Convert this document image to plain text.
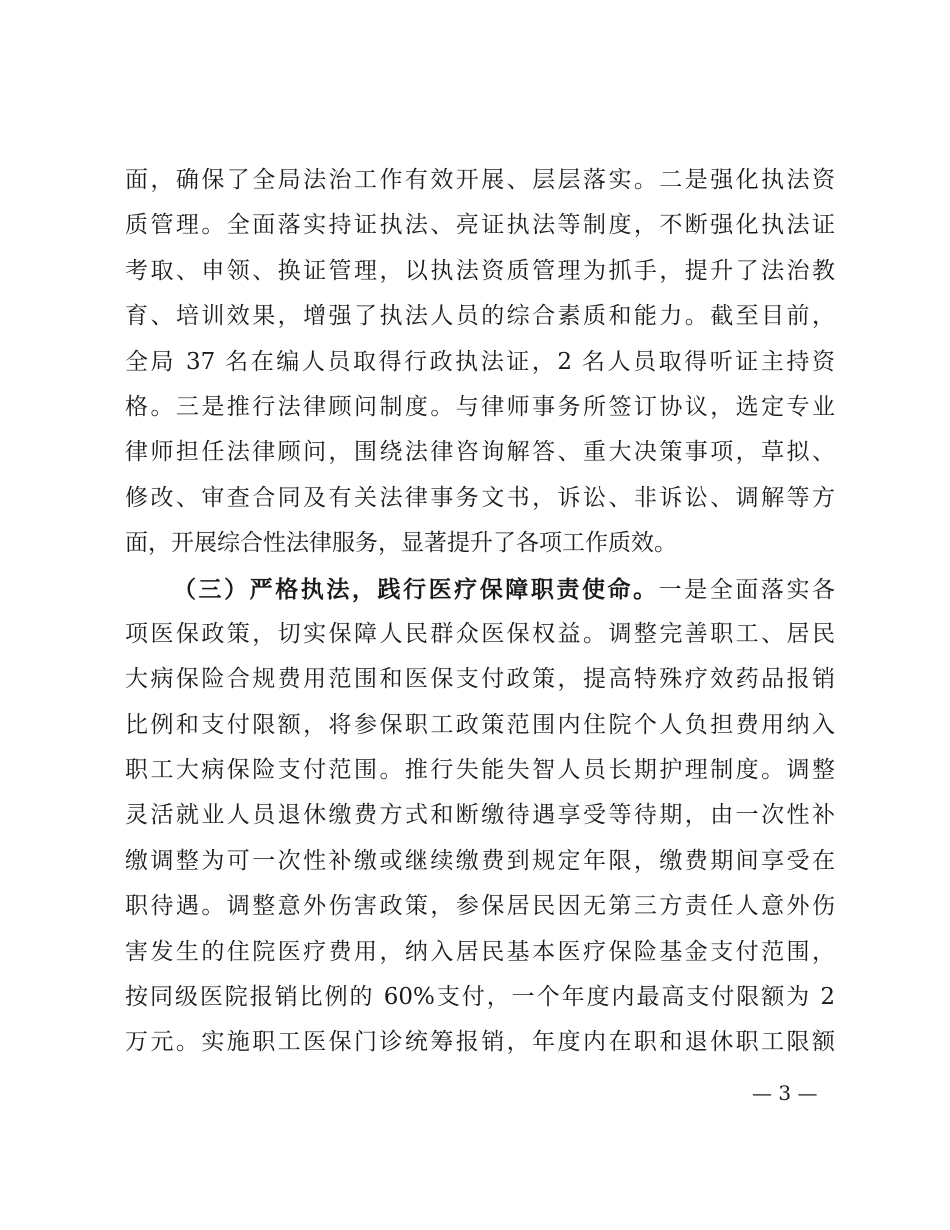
面，确保了全局法治工作有效开展、层层落实。二是强化执法资
质管理。全面落实持证执法、亮证执法等制度，不断强化执法证
考取、申领、换证管理，以执法资质管理为抓手，提升了法治教
育、培训效果，增强了执法人员的综合素质和能力。截至目前，
全局 37 名在编人员取得行政执法证，2 名人员取得听证主持资
格。三是推行法律顾问制度。与律师事务所签订协议，选定专业
律师担任法律顾问，围绕法律咨询解答、重大决策事项，草拟、
修改、审查合同及有关法律事务文书，诉讼、非诉讼、调解等方
面，开展综合性法律服务，显著提升了各项工作质效。
（三）严格执法，践行医疗保障职责使命。一是全面落实各
项医保政策，切实保障人民群众医保权益。调整完善职工、居民
大病保险合规费用范围和医保支付政策，提高特殊疗效药品报销
比例和支付限额，将参保职工政策范围内住院个人负担费用纳入
职工大病保险支付范围。推行失能失智人员长期护理制度。调整
灵活就业人员退休缴费方式和断缴待遇享受等待期，由一次性补
缴调整为可一次性补缴或继续缴费到规定年限，缴费期间享受在
职待遇。调整意外伤害政策，参保居民因无第三方责任人意外伤
害发生的住院医疗费用，纳入居民基本医疗保险基金支付范围，
按同级医院报销比例的 60%支付，一个年度内最高支付限额为 2
万元。实施职工医保门诊统筹报销，年度内在职和退休职工限额
— 3 —
